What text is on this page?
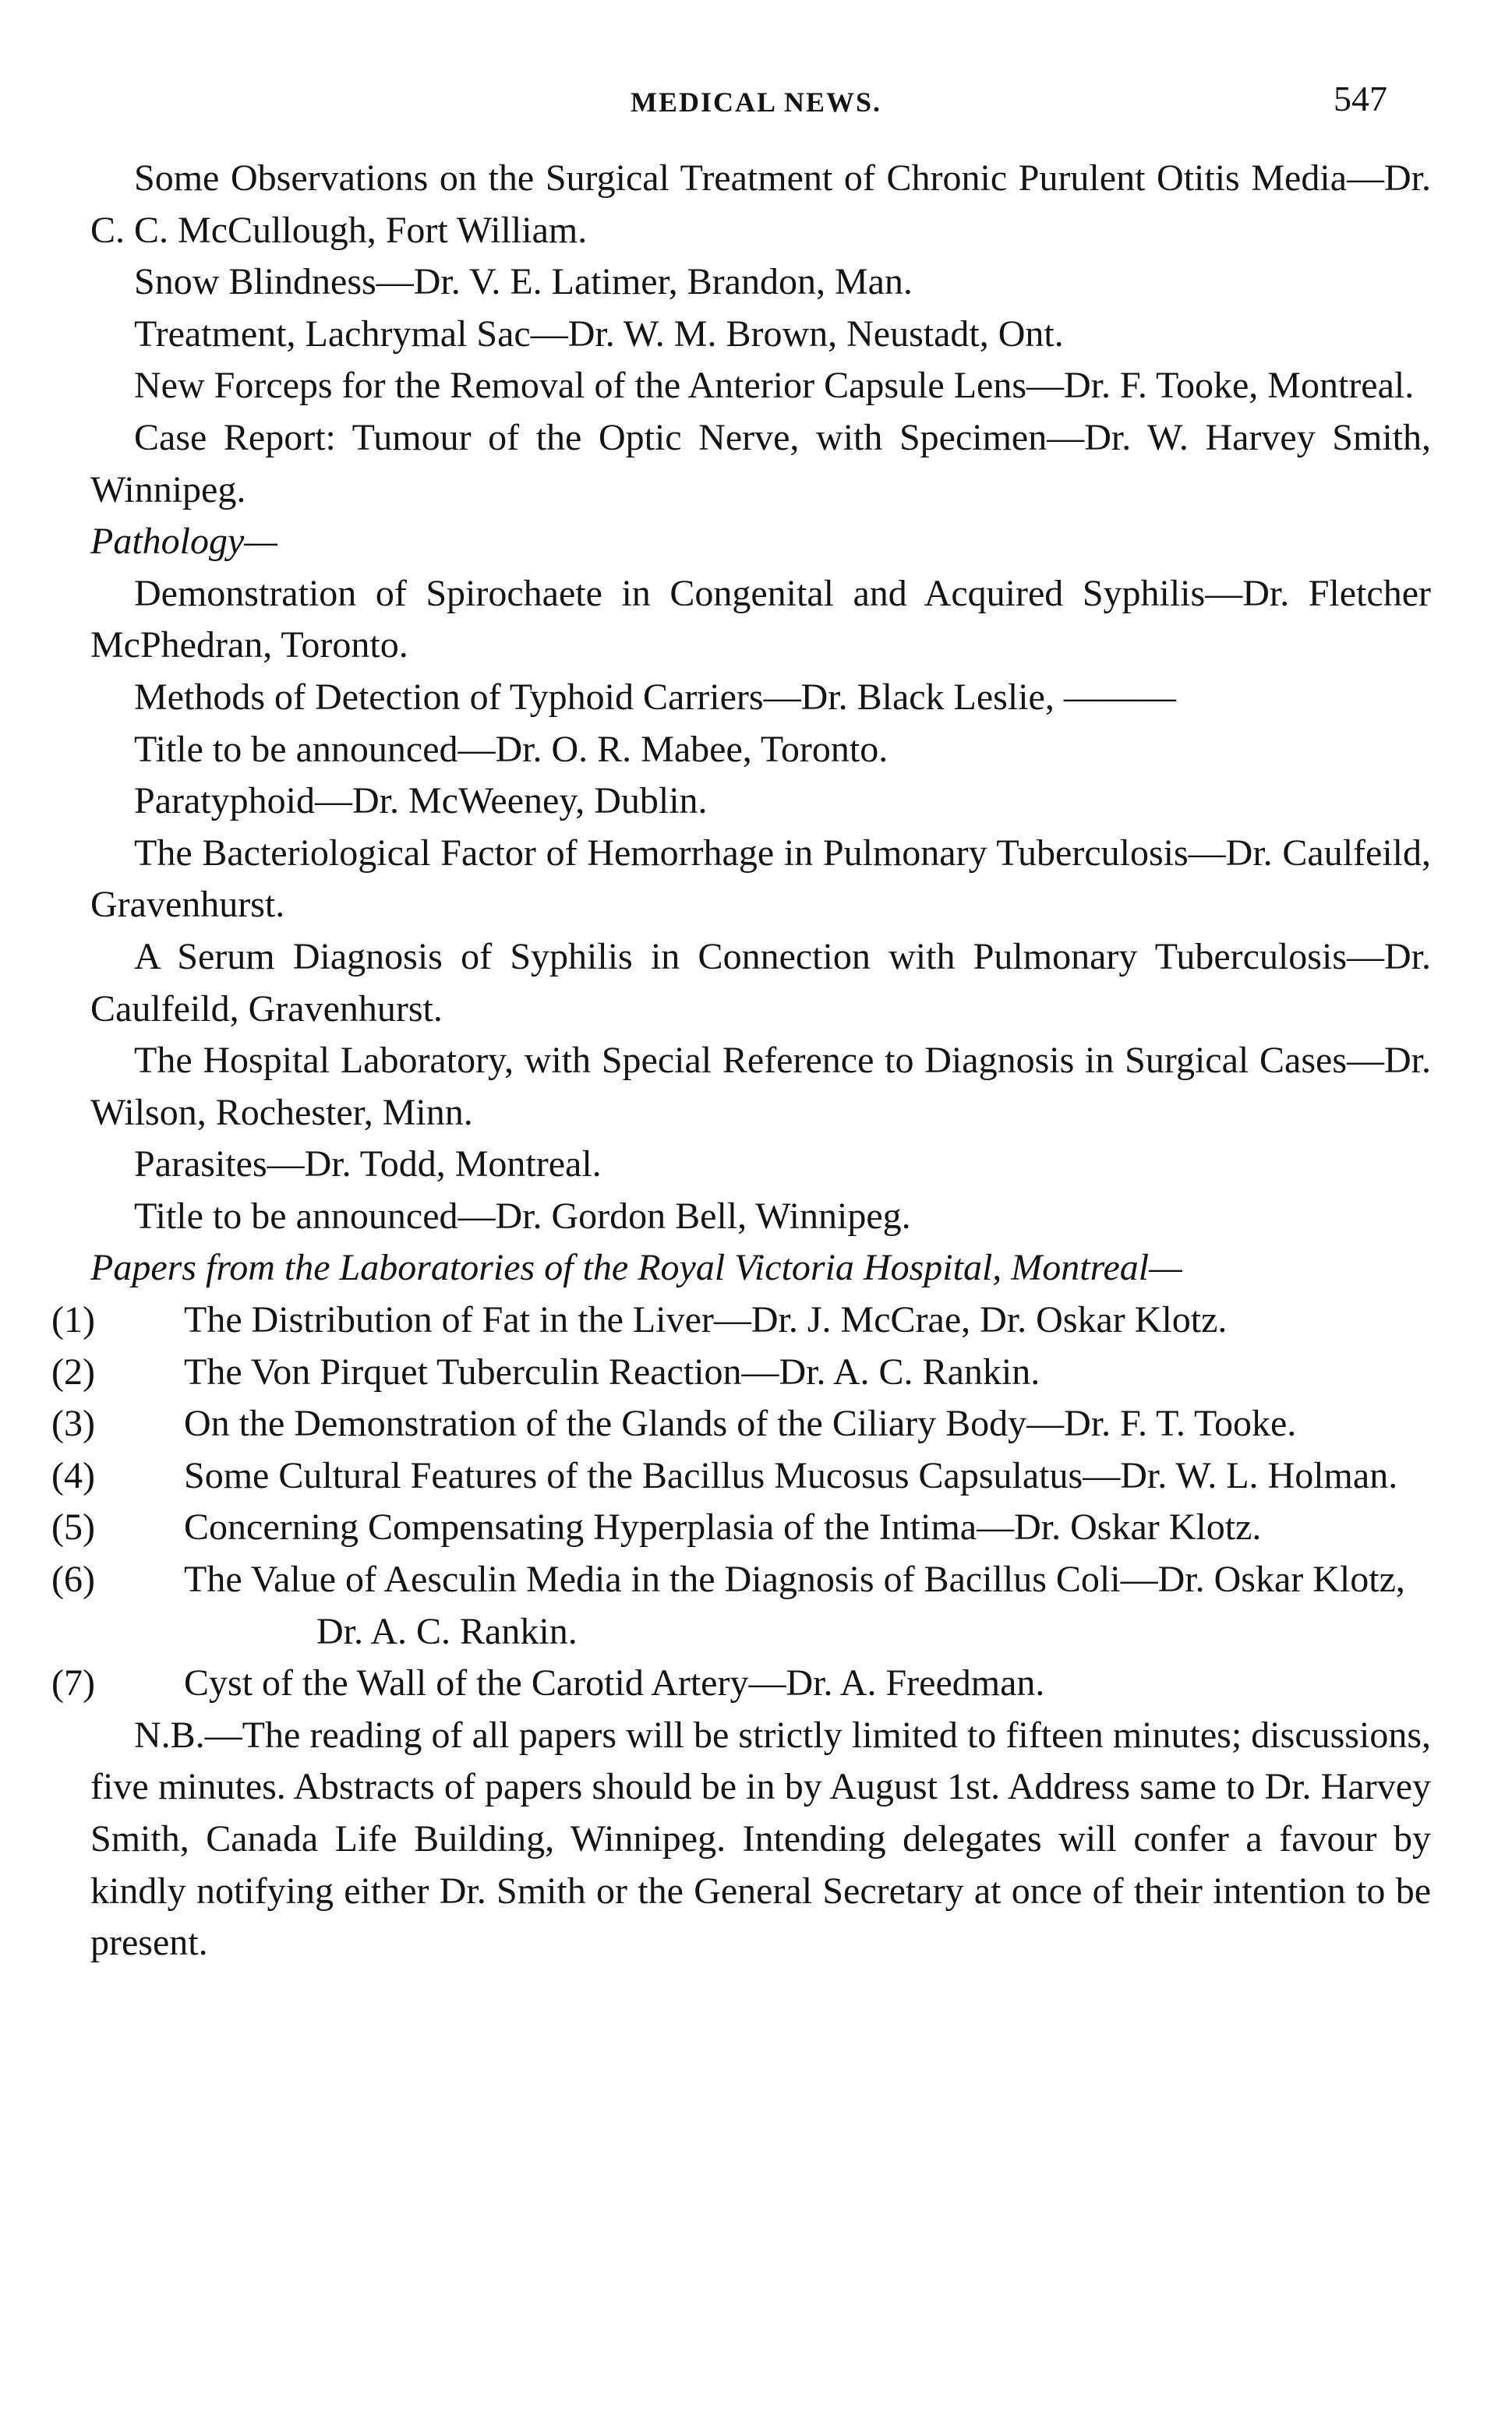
MEDICAL NEWS.	547

Some Observations on the Surgical Treatment of Chronic Purulent Otitis Media—Dr. C. C. McCullough, Fort William.

Snow Blindness—Dr. V. E. Latimer, Brandon, Man.

Treatment, Lachrymal Sac—Dr. W. M. Brown, Neustadt, Ont.

New Forceps for the Removal of the Anterior Capsule Lens—Dr. F. Tooke, Montreal.

Case Report: Tumour of the Optic Nerve, with Specimen—Dr. W. Harvey Smith, Winnipeg.

Pathology—

Demonstration of Spirochaete in Congenital and Acquired Syphilis—Dr. Fletcher McPhedran, Toronto.

Methods of Detection of Typhoid Carriers—Dr. Black Leslie, ———

Title to be announced—Dr. O. R. Mabee, Toronto.

Paratyphoid—Dr. McWeeney, Dublin.

The Bacteriological Factor of Hemorrhage in Pulmonary Tuberculosis—Dr. Caulfeild, Gravenhurst.

A Serum Diagnosis of Syphilis in Connection with Pulmonary Tuberculosis—Dr. Caulfeild, Gravenhurst.

The Hospital Laboratory, with Special Reference to Diagnosis in Surgical Cases—Dr. Wilson, Rochester, Minn.

Parasites—Dr. Todd, Montreal.

Title to be announced—Dr. Gordon Bell, Winnipeg.

Papers from the Laboratories of the Royal Victoria Hospital, Montreal—

(1) The Distribution of Fat in the Liver—Dr. J. McCrae, Dr. Oskar Klotz.

(2) The Von Pirquet Tuberculin Reaction—Dr. A. C. Rankin.

(3) On the Demonstration of the Glands of the Ciliary Body—Dr. F. T. Tooke.

(4) Some Cultural Features of the Bacillus Mucosus Capsulatus—Dr. W. L. Holman.

(5) Concerning Compensating Hyperplasia of the Intima—Dr. Oskar Klotz.

(6) The Value of Aesculin Media in the Diagnosis of Bacillus Coli—Dr. Oskar Klotz, Dr. A. C. Rankin.

(7) Cyst of the Wall of the Carotid Artery—Dr. A. Freedman.

N.B.—The reading of all papers will be strictly limited to fifteen minutes; discussions, five minutes. Abstracts of papers should be in by August 1st. Address same to Dr. Harvey Smith, Canada Life Building, Winnipeg. Intending delegates will confer a favour by kindly notifying either Dr. Smith or the General Secretary at once of their intention to be present.
